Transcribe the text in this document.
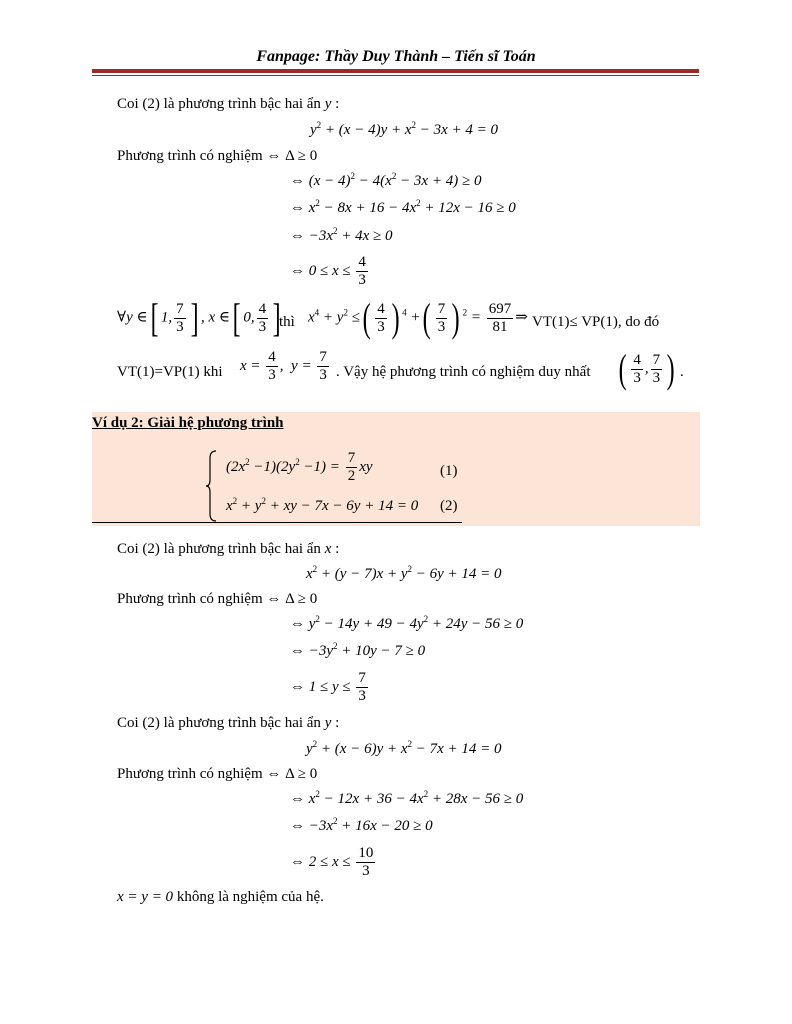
Fanpage: Thầy Duy Thành – Tiến sĩ Toán
Coi (2) là phương trình bậc hai ẩn y :
$y^2 + (x - 4)y + x^2 - 3x + 4 = 0$
Phương trình có nghiệm ⇔ Δ ≥ 0
⇔ $(x - 4)^2 - 4(x^2 - 3x + 4) \ge 0$
⇔ $x^2 - 8x + 16 - 4x^2 + 12x - 16 \ge 0$
⇔ $-3x^2 + 4x \ge 0$
⇔ $0 \le x \le \frac{4}{3}$
∀y ∈[ 1, $\frac{7}{3}$ ] , x ∈[ 0, $\frac{4}{3}$ ]
thì $x^4 + y^2$ ≤( $\frac{4}{3}$ ) $^4$ +( $\frac{7}{3}$ ) $^2 = \frac{697}{81}$ ⇒ VT(1)≤ VP(1), do đó
VT(1)=VP(1) khi $x = \frac{4}{3}$ ,  $y = \frac{7}{3}$ . Vậy hệ phương trình có nghiệm duy nhất ( $\frac{4}{3}$ , $\frac{7}{3}$ ) .
Ví dụ 2: Giải hệ phương trình
$(2x^2 -1)(2y^2 -1) = \frac{7}{2}$ xy	(1)
$x^2 + y^2$ + xy − 7x − 6y + 14 = 0 (2)
Coi (2) là phương trình bậc hai ẩn x :
$x^2 + (y - 7)x + y^2 - 6y + 14 = 0$
Phương trình có nghiệm ⇔ Δ ≥ 0
⇔ $y^2 - 14y + 49 - 4y^2 + 24y - 56 \ge 0$
⇔ $-3y^2 + 10y - 7 \ge 0$
⇔ $1 \le y \le \frac{7}{3}$
Coi (2) là phương trình bậc hai ẩn y :
$y^2 + (x - 6)y + x^2 - 7x + 14 = 0$
Phương trình có nghiệm ⇔ Δ ≥ 0
⇔ $x^2 - 12x + 36 - 4x^2 + 28x - 56 \ge 0$
⇔ $-3x^2 + 16x - 20 \ge 0$
⇔ $2 \le x \le \frac{10}{3}$
x = y = 0 không là nghiệm của hệ.
